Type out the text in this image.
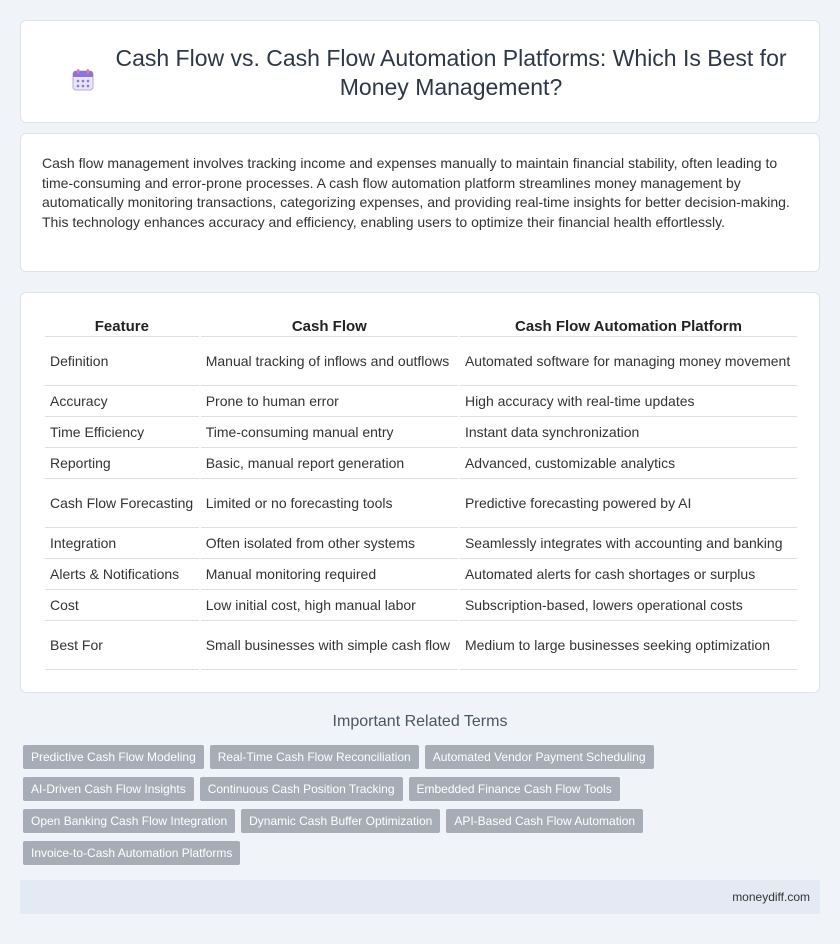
Cash Flow vs. Cash Flow Automation Platforms: Which Is Best for Money Management?

Cash flow management involves tracking income and expenses manually to maintain financial stability, often leading to time-consuming and error-prone processes. A cash flow automation platform streamlines money management by automatically monitoring transactions, categorizing expenses, and providing real-time insights for better decision-making. This technology enhances accuracy and efficiency, enabling users to optimize their financial health effortlessly.

Feature	Cash Flow	Cash Flow Automation Platform
Definition	Manual tracking of inflows and outflows	Automated software for managing money movement
Accuracy	Prone to human error	High accuracy with real-time updates
Time Efficiency	Time-consuming manual entry	Instant data synchronization
Reporting	Basic, manual report generation	Advanced, customizable analytics
Cash Flow Forecasting	Limited or no forecasting tools	Predictive forecasting powered by AI
Integration	Often isolated from other systems	Seamlessly integrates with accounting and banking
Alerts & Notifications	Manual monitoring required	Automated alerts for cash shortages or surplus
Cost	Low initial cost, high manual labor	Subscription-based, lowers operational costs
Best For	Small businesses with simple cash flow	Medium to large businesses seeking optimization
Important Related Terms
Predictive Cash Flow Modeling	Real-Time Cash Flow Reconciliation	Automated Vendor Payment Scheduling
AI-Driven Cash Flow Insights	Continuous Cash Position Tracking	Embedded Finance Cash Flow Tools
Open Banking Cash Flow Integration	Dynamic Cash Buffer Optimization	API-Based Cash Flow Automation
Invoice-to-Cash Automation Platforms
moneydiff.com
